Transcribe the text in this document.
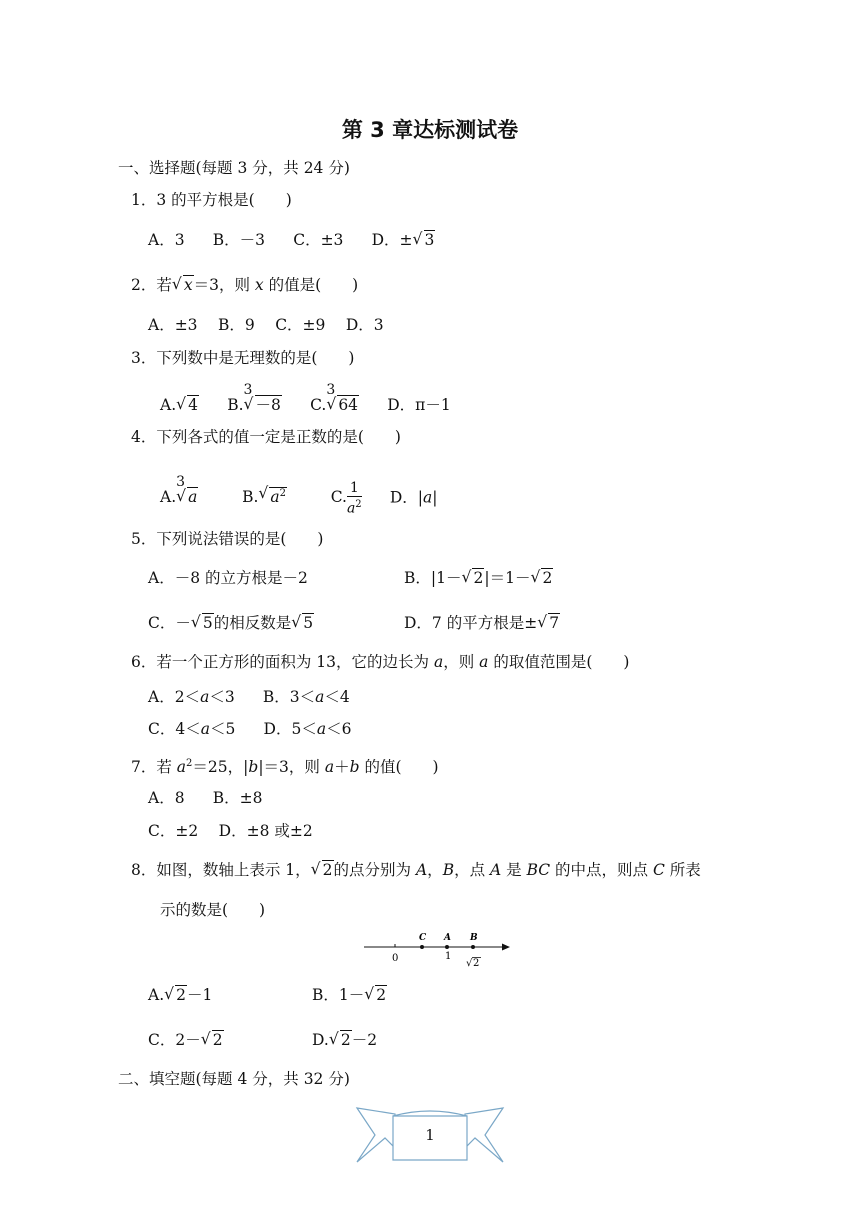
第 3 章达标测试卷
一、选择题(每题 3 分，共 24 分)
1．3 的平方根是(　　)
A．3   B．－3   C．±3   D．± √ 3
2．若 √ x＝3，则 x 的值是(　　)
A．±3  B．9  C．±9  D．3
3．下列数中是无理数的是(　　)
A. √ 4   B.
3
√ －8   C.
3
√ 64   D．π－1
4．下列各式的值一定是正数的是(　　)
A.
3
√ a   	B. √ $a^2$   	C. $\frac{1}{a^2}$
   D．|a|
5．下列说法错误的是(　　)
A．－8 的立方根是－2	B．|1－ √ 2|＝1－ √ 2
C．－ √ 5的相反数是 √ 5	D．7 的平方根是± √ 7
6．若一个正方形的面积为 13，它的边长为 a，则 a 的取值范围是(　　)
A．2＜a＜3   B．3＜a＜4
C．4＜a＜5   D．5＜a＜6
7．若 $a^2=25$，|b|＝3，则 a＋b 的值(　　)
A．8   B．±8
C．±2  D．±8 或±2
8．如图，数轴上表示 1， √ 2的点分别为 A，B，点 A 是 BC 的中点，则点 C 所表
示的数是(　　)
0	1
C A B
√ 2
A. √ 2－1	B．1－ √ 2
C．2－ √ 2	D. √ 2－2
二、填空题(每题 4 分，共 32 分)
1
